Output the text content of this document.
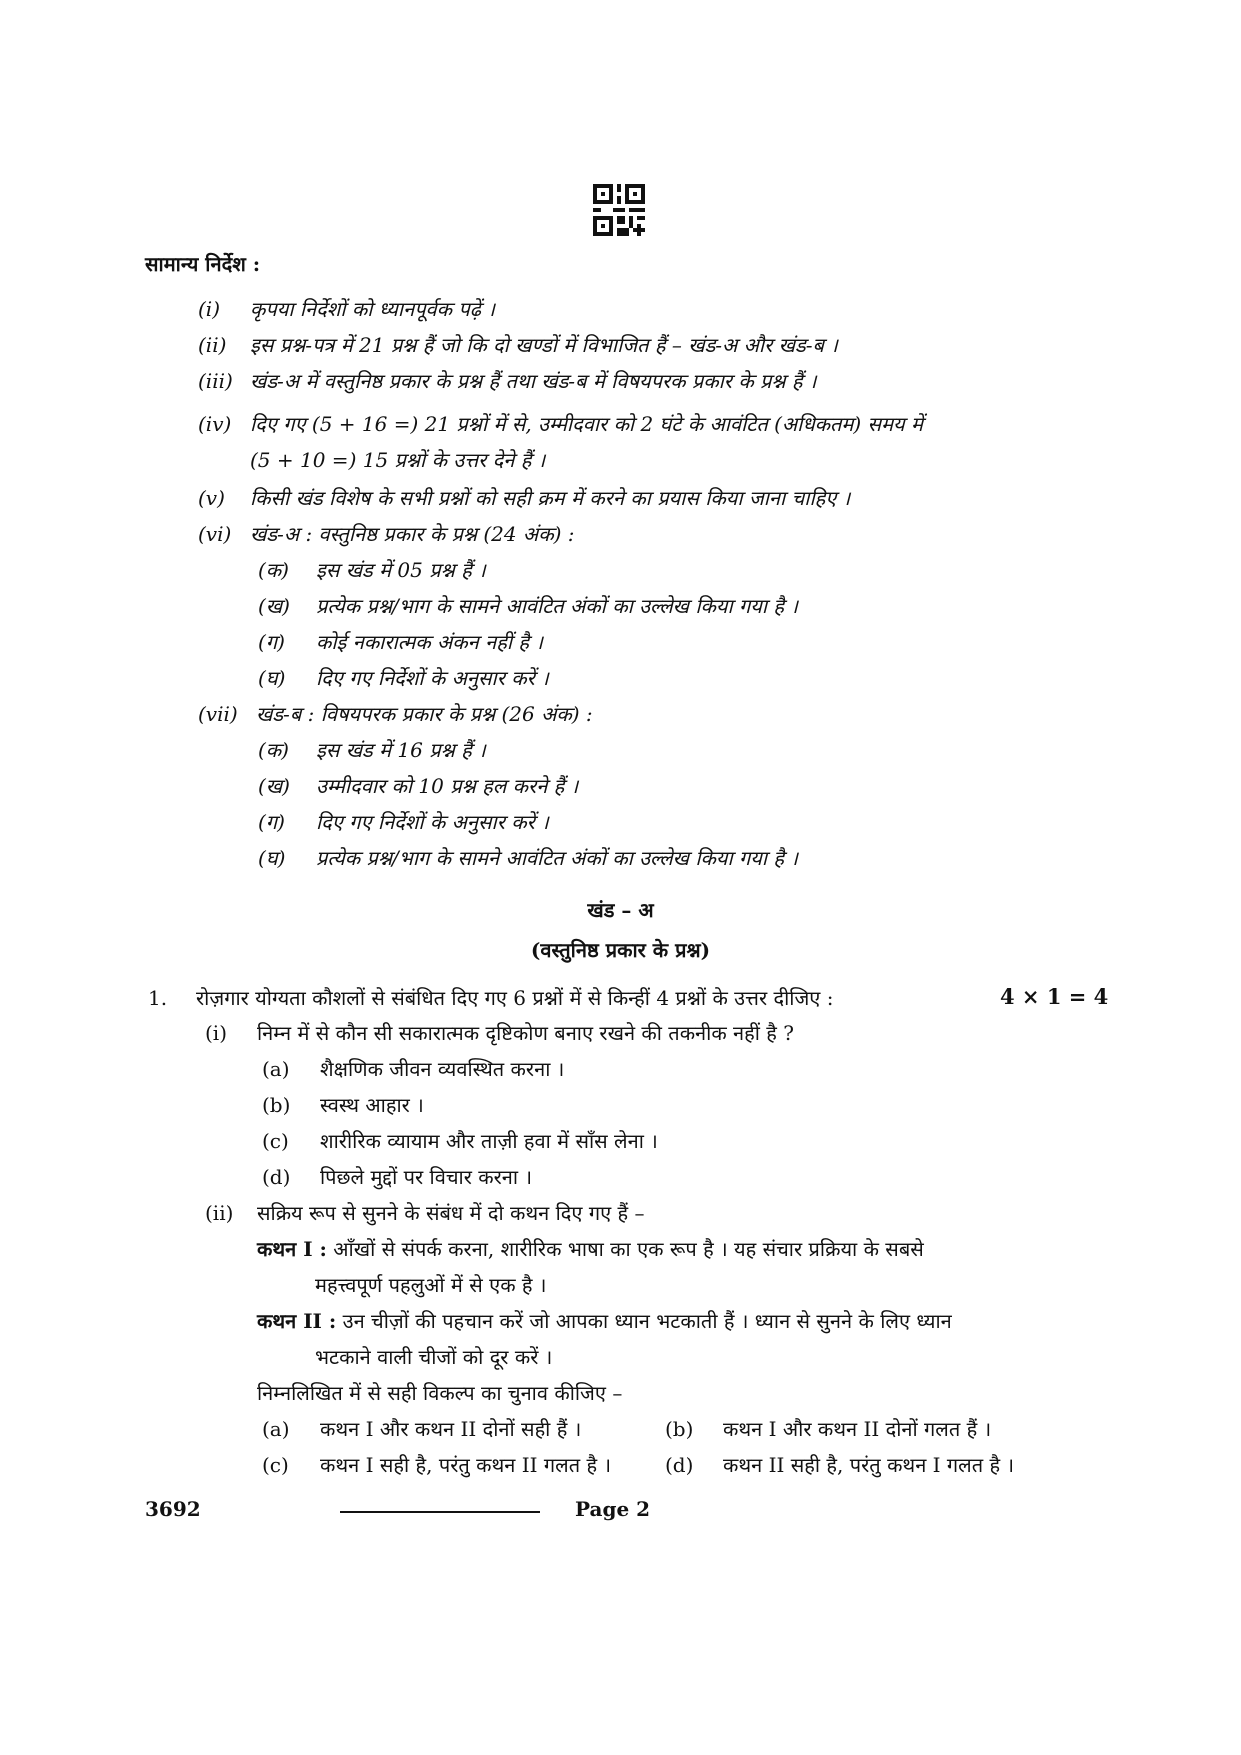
सामान्य निर्देश :
(i) कृपया निर्देशों को ध्यानपूर्वक पढ़ें ।
(ii) इस प्रश्न-पत्र में 21 प्रश्न हैं जो कि दो खण्डों में विभाजित हैं – खंड-अ और खंड-ब ।
(iii) खंड-अ में वस्तुनिष्ठ प्रकार के प्रश्न हैं तथा खंड-ब में विषयपरक प्रकार के प्रश्न हैं ।
(iv) दिए गए (5 + 16 =) 21 प्रश्नों में से, उम्मीदवार को 2 घंटे के आवंटित (अधिकतम) समय में
(5 + 10 =) 15 प्रश्नों के उत्तर देने हैं ।
(v) किसी खंड विशेष के सभी प्रश्नों को सही क्रम में करने का प्रयास किया जाना चाहिए ।
(vi) खंड-अ : वस्तुनिष्ठ प्रकार के प्रश्न (24 अंक) :
(क) इस खंड में 05 प्रश्न हैं ।
(ख) प्रत्येक प्रश्न/भाग के सामने आवंटित अंकों का उल्लेख किया गया है ।
(ग) कोई नकारात्मक अंकन नहीं है ।
(घ) दिए गए निर्देशों के अनुसार करें ।
(vii) खंड-ब : विषयपरक प्रकार के प्रश्न (26 अंक) :
(क) इस खंड में 16 प्रश्न हैं ।
(ख) उम्मीदवार को 10 प्रश्न हल करने हैं ।
(ग) दिए गए निर्देशों के अनुसार करें ।
(घ) प्रत्येक प्रश्न/भाग के सामने आवंटित अंकों का उल्लेख किया गया है ।
खंड – अ
(वस्तुनिष्ठ प्रकार के प्रश्न)
1. रोज़गार योग्यता कौशलों से संबंधित दिए गए 6 प्रश्नों में से किन्हीं 4 प्रश्नों के उत्तर दीजिए :	4 × 1 = 4
(i) निम्न में से कौन सी सकारात्मक दृष्टिकोण बनाए रखने की तकनीक नहीं है ?
(a) शैक्षणिक जीवन व्यवस्थित करना ।
(b) स्वस्थ आहार ।
(c) शारीरिक व्यायाम और ताज़ी हवा में साँस लेना ।
(d) पिछले मुद्दों पर विचार करना ।
(ii) सक्रिय रूप से सुनने के संबंध में दो कथन दिए गए हैं –
कथन I : आँखों से संपर्क करना, शारीरिक भाषा का एक रूप है । यह संचार प्रक्रिया के सबसे
महत्त्वपूर्ण पहलुओं में से एक है ।
कथन II : उन चीज़ों की पहचान करें जो आपका ध्यान भटकाती हैं । ध्यान से सुनने के लिए ध्यान
भटकाने वाली चीजों को दूर करें ।
निम्नलिखित में से सही विकल्प का चुनाव कीजिए –
(a) कथन I और कथन II दोनों सही हैं ।	(b) कथन I और कथन II दोनों गलत हैं ।
(c) कथन I सही है, परंतु कथन II गलत है ।	(d) कथन II सही है, परंतु कथन I गलत है ।
3692	Page 2
